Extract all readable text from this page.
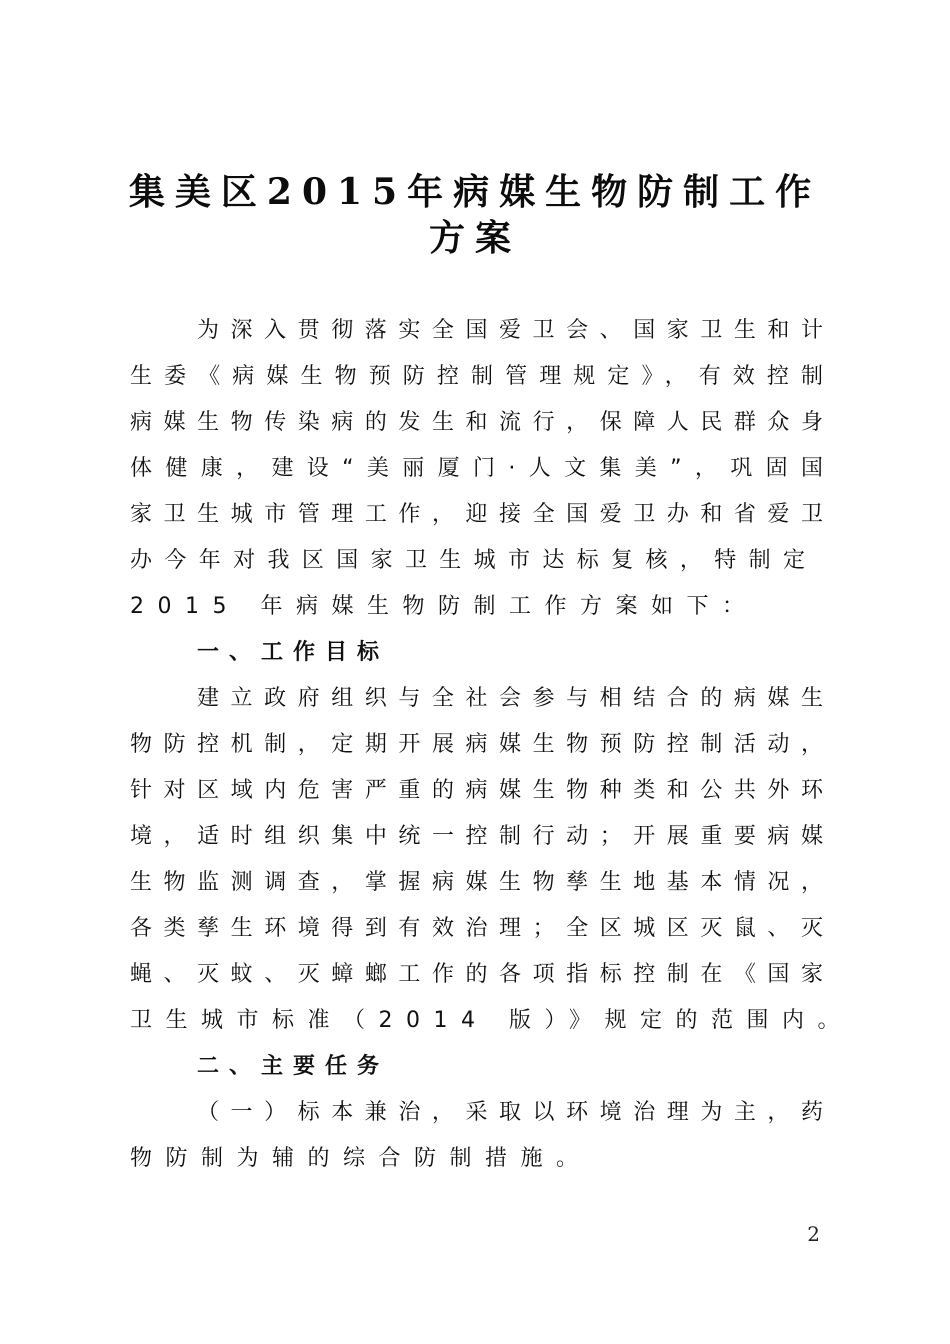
集美区2015年病媒生物防制工作
方案
为深入贯彻落实全国爱卫会、国家卫生和计
生委《病媒生物预防控制管理规定》，有效控制
病媒生物传染病的发生和流行，保障人民群众身
体健康，建设“美丽厦门·人文集美”，巩固国
家卫生城市管理工作，迎接全国爱卫办和省爱卫
办今年对我区国家卫生城市达标复核，特制定
2015 年病媒生物防制工作方案如下：
一、工作目标
建立政府组织与全社会参与相结合的病媒生
物防控机制，定期开展病媒生物预防控制活动，
针对区域内危害严重的病媒生物种类和公共外环
境，适时组织集中统一控制行动；开展重要病媒
生物监测调查，掌握病媒生物孳生地基本情况，
各类孳生环境得到有效治理；全区城区灭鼠、灭
蝇、灭蚊、灭蟑螂工作的各项指标控制在《国家
卫生城市标准（2014 版）》规定的范围内。
二、主要任务
（一）标本兼治，采取以环境治理为主，药
物防制为辅的综合防制措施。
2
